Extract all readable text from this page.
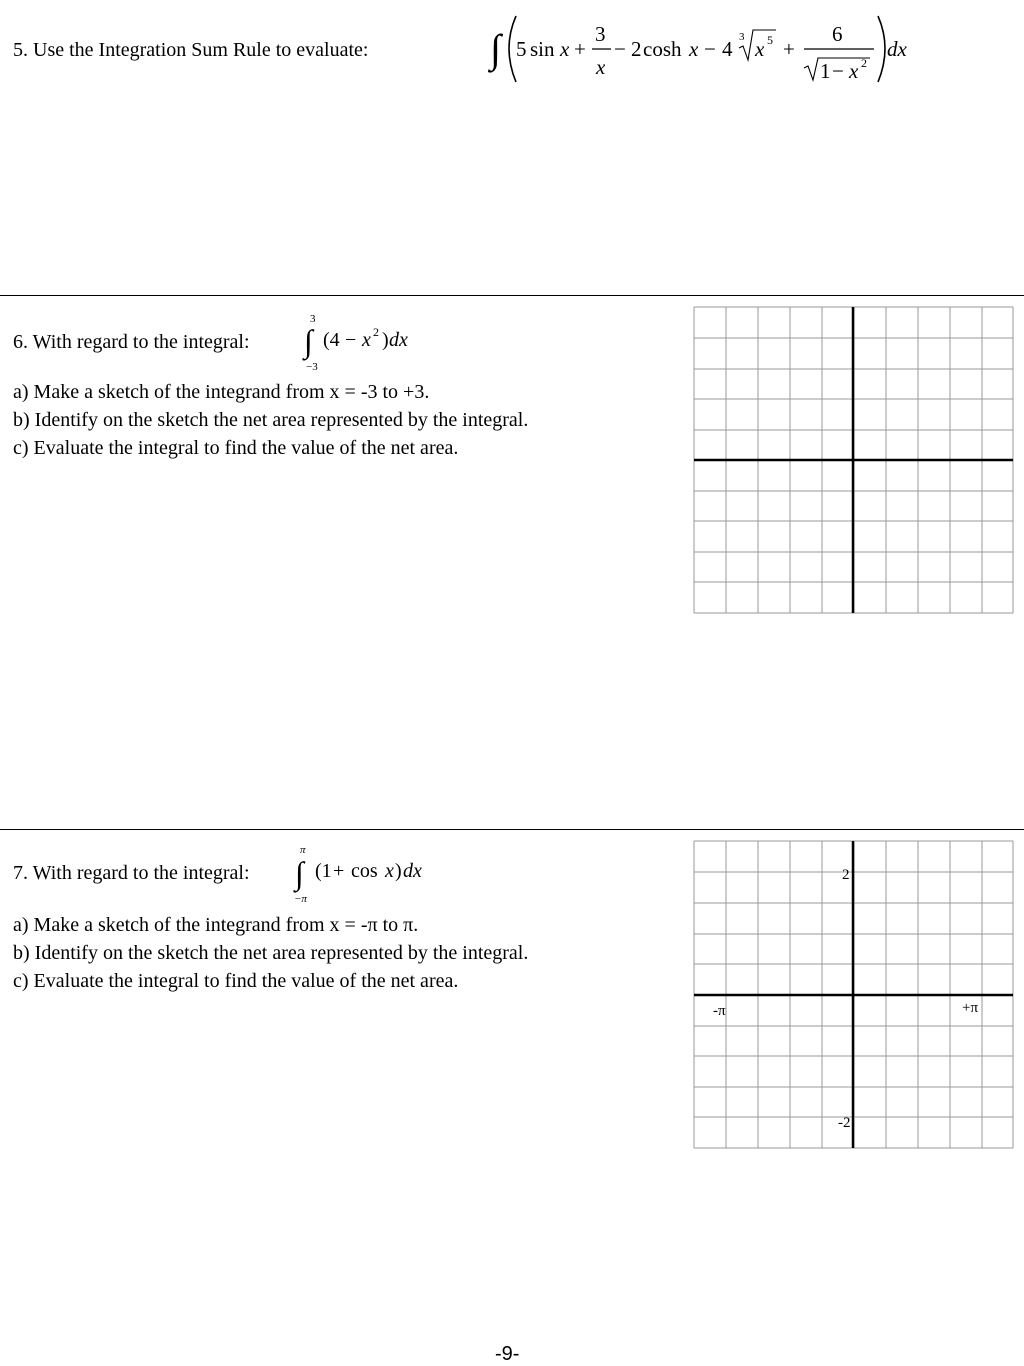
5. Use the Integration Sum Rule to evaluate:	∫ 5 sin x +
3
x
− 2 cosh x − 4 3 x 5 +
6
1 − x 2
dx
6. With regard to the integral:
3
∫
−3
(4 − x 2 ) dx
a) Make a sketch of the integrand from x = -3 to +3.
b) Identify on the sketch the net area represented by the integral.
c) Evaluate the integral to find the value of the net area.
7. With regard to the integral:
π
∫
−π
(1 + cos x ) dx
a) Make a sketch of the integrand from x = -π to π.
b) Identify on the sketch the net area represented by the integral.
c) Evaluate the integral to find the value of the net area.
2
-2
-π	+π
-9-
